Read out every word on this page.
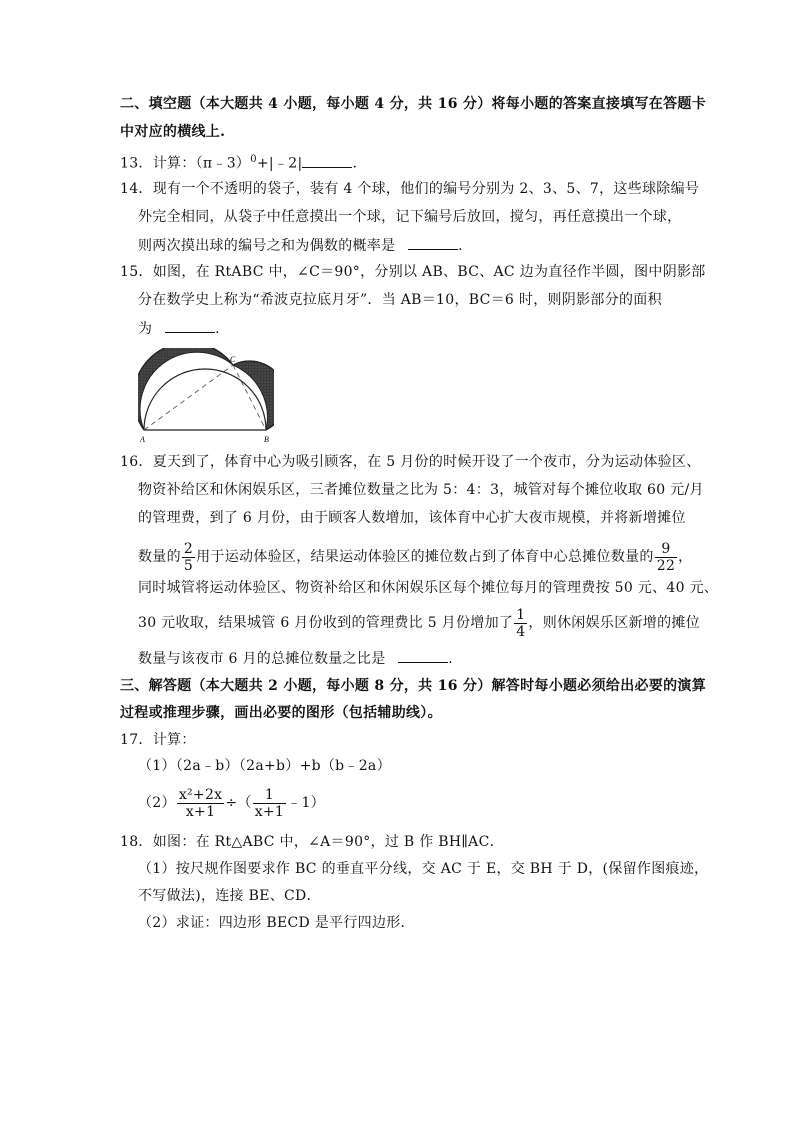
二、填空题（本大题共 4 小题，每小题 4 分，共 16 分）将每小题的答案直接填写在答题卡
中对应的横线上.
13．计算：（π﹣3）$^0$+|﹣2|	.
14．现有一个不透明的袋子，装有 4 个球，他们的编号分别为 2、3、5、7，这些球除编号
外完全相同，从袋子中任意摸出一个球，记下编号后放回，搅匀，再任意摸出一个球，
则两次摸出球的编号之和为偶数的概率是	.
15．如图，在 RtABC 中，∠C＝90°，分别以 AB、BC、AC 边为直径作半圆，图中阴影部
分在数学史上称为“希波克拉底月牙”．当 AB＝10，BC＝6 时，则阴影部分的面积
为	.
A	B
C
16．夏天到了，体育中心为吸引顾客，在 5 月份的时候开设了一个夜市，分为运动体验区、
物资补给区和休闲娱乐区，三者摊位数量之比为 5：4：3，城管对每个摊位收取 60 元/月
的管理费，到了 6 月份，由于顾客人数增加，该体育中心扩大夜市规模，并将新增摊位
数量的 $\frac{2}{5}$ 用于运动体验区，结果运动体验区的摊位数占到了体育中心总摊位数量的 $\frac{9}{22}$ ，
同时城管将运动体验区、物资补给区和休闲娱乐区每个摊位每月的管理费按 50 元、40 元、
30 元收取，结果城管 6 月份收到的管理费比 5 月份增加了 $\frac{1}{4}$ ，则休闲娱乐区新增的摊位
数量与该夜市 6 月的总摊位数量之比是	.
三、解答题（本大题共 2 小题，每小题 8 分，共 16 分）解答时每小题必须给出必要的演算
过程或推理步骤，画出必要的图形（包括辅助线）。
17．计算：
（1）（2a﹣b）（2a+b）+b（b﹣2a）
$(2) \frac{\text{x²+2x}}{x+1}$ ÷（ $\frac{1}{x+1}$ ﹣1）
18．如图：在 Rt△ABC 中，∠A＝90°，过 B 作 BH∥AC．
（1）按尺规作图要求作 BC 的垂直平分线，交 AC 于 E，交 BH 于 D，(保留作图痕迹，
不写做法)，连接 BE、CD．
（2）求证：四边形 BECD 是平行四边形．
